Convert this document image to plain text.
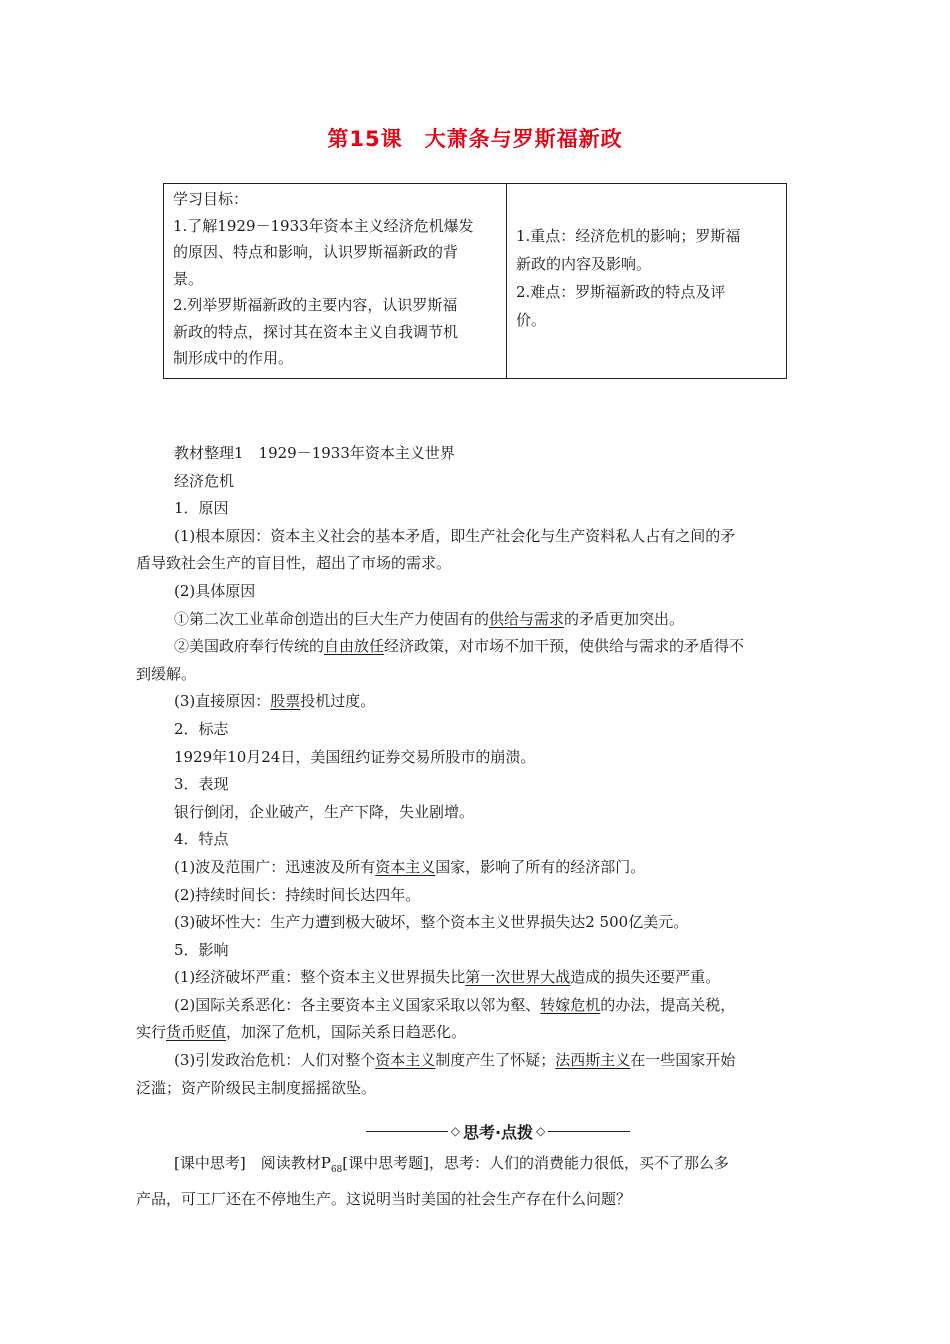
第15课　大萧条与罗斯福新政
学习目标：
1.了解1929－1933年资本主义经济危机爆发
的原因、特点和影响，认识罗斯福新政的背
景。
2.列举罗斯福新政的主要内容，认识罗斯福
新政的特点，探讨其在资本主义自我调节机
制形成中的作用。
1.重点：经济危机的影响；罗斯福
新政的内容及影响。
2.难点：罗斯福新政的特点及评
价。

教材整理1　1929－1933年资本主义世界

经济危机

1．原因

(1)根本原因：资本主义社会的基本矛盾，即生产社会化与生产资料私人占有之间的矛

盾导致社会生产的盲目性，超出了市场的需求。

(2)具体原因

①第二次工业革命创造出的巨大生产力使固有的供给与需求的矛盾更加突出。

②美国政府奉行传统的自由放任经济政策，对市场不加干预，使供给与需求的矛盾得不

到缓解。

(3)直接原因：股票投机过度。

2．标志

1929年10月24日，美国纽约证券交易所股市的崩溃。

3．表现

银行倒闭，企业破产，生产下降，失业剧增。

4．特点

(1)波及范围广：迅速波及所有资本主义国家，影响了所有的经济部门。

(2)持续时间长：持续时间长达四年。

(3)破坏性大：生产力遭到极大破坏，整个资本主义世界损失达2 500亿美元。

5．影响

(1)经济破坏严重：整个资本主义世界损失比第一次世界大战造成的损失还要严重。

(2)国际关系恶化：各主要资本主义国家采取以邻为壑、转嫁危机的办法，提高关税，

实行货币贬值，加深了危机，国际关系日趋恶化。

(3)引发政治危机：人们对整个资本主义制度产生了怀疑；法西斯主义在一些国家开始

泛滥；资产阶级民主制度摇摇欲坠。

◇ 思考·点拨 ◇

[课中思考]　 阅读教材$P_{68}$[课中思考题]，思考：人们的消费能力很低，买不了那么多

产品，可工厂还在不停地生产。这说明当时美国的社会生产存在什么问题？
